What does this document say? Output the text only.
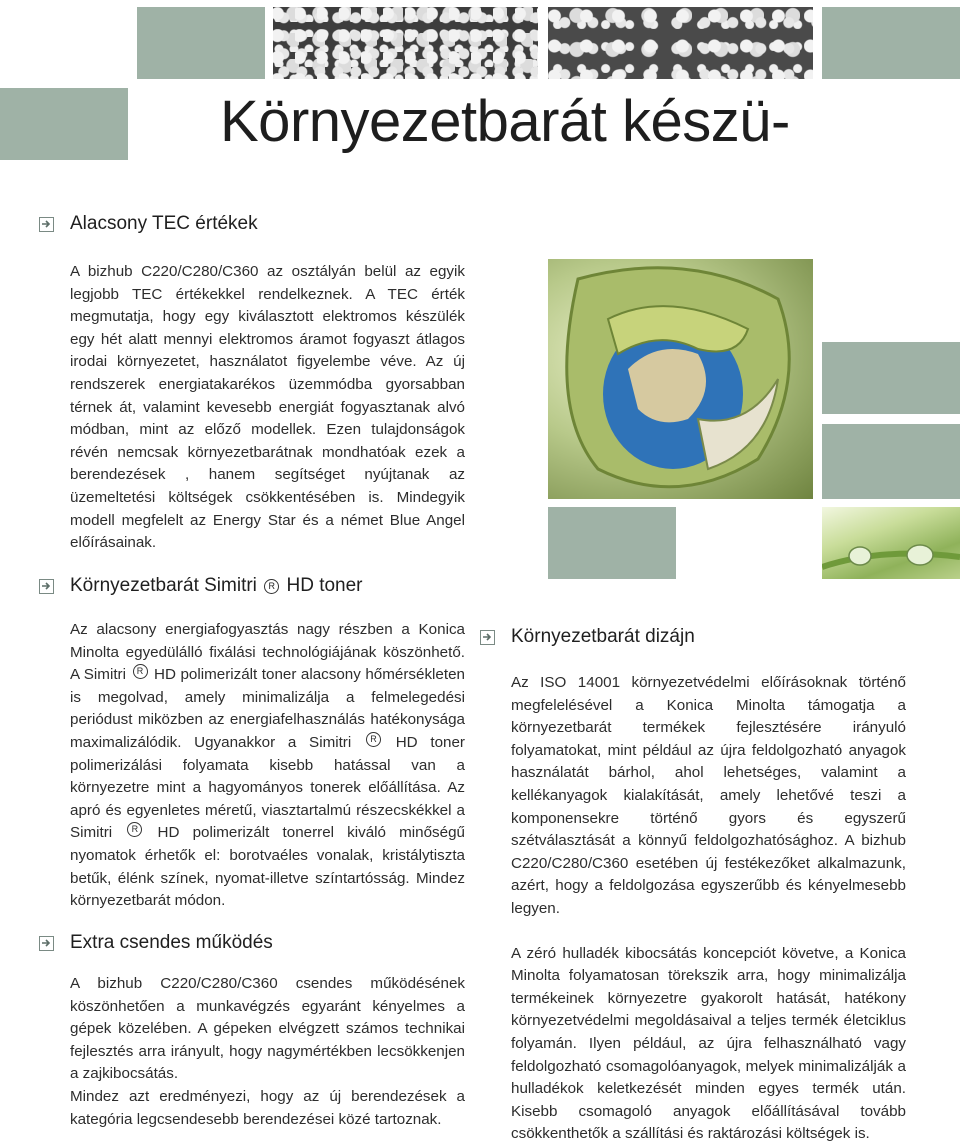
Környezetbarát készü-
Alacsony TEC értékek

A bizhub C220/C280/C360 az osztályán belül az egyik legjobb TEC értékekkel rendelkeznek. A TEC érték megmutatja, hogy egy kiválasztott elektromos készülék egy hét alatt mennyi elektromos áramot fogyaszt átlagos irodai környezetet, használatot figyelembe véve. Az új rendszerek energiatakarékos üzemmódba gyorsabban térnek át, valamint kevesebb energiát fogyasztanak alvó módban, mint az előző modellek. Ezen tulajdonságok révén nemcsak környezetbarátnak mondhatóak ezek a berendezések , hanem segítséget nyújtanak az üzemeltetési költségek csökkentésében is. Mindegyik modell megfelelt az Energy Star és a német Blue Angel előírásainak.

Környezetbarát Simitri
	R
HD toner

Az alacsony energiafogyasztás nagy részben a Konica Minolta egyedülálló fixálási technológiájának köszönhető. A Simitri R HD polimerizált toner alacsony hőmérsékleten is megolvad, amely minimalizálja a felmelegedési periódust miközben az energiafelhasználás hatékonysága maximalizálódik. Ugyanakkor a Simitri R HD toner polimerizálási folyamata kisebb hatással van a környezetre mint a hagyományos tonerek előállítása. Az apró és egyenletes méretű, viasztartalmú részecskékkel a Simitri R HD polimerizált tonerrel kiváló minőségű nyomatok érhetők el: borotvaéles vonalak, kristálytiszta betűk, élénk színek, nyomat-illetve színtartósság. Mindez környezetbarát módon.

Extra csendes működés

A bizhub C220/C280/C360 csendes működésének köszönhetően a munkavégzés egyaránt kényelmes a gépek közelében. A gépeken elvégzett számos technikai fejlesztés arra irányult, hogy nagymértékben lecsökkenjen a zajkibocsátás.

Mindez azt eredményezi, hogy az új berendezések a kategória legcsendesebb berendezései közé tartoznak.

Környezetbarát dizájn

Az ISO 14001 környezetvédelmi előírásoknak történő megfelelésével a Konica Minolta támogatja a környezetbarát termékek fejlesztésére irányuló folyamatokat, mint például az újra feldolgozható anyagok használatát bárhol, ahol lehetséges, valamint a kellékanyagok kialakítását, amely lehetővé teszi a komponensekre történő gyors és egyszerű szétválasztását a könnyű feldolgozhatósághoz. A bizhub C220/C280/C360 esetében új festékezőket alkalmazunk, azért, hogy a feldolgozása egyszerűbb és kényelmesebb legyen.

A zéró hulladék kibocsátás koncepciót követve, a Konica Minolta folyamatosan törekszik arra, hogy minimalizálja termékeinek környezetre gyakorolt hatását, hatékony környezetvédelmi megoldásaival a teljes termék életciklus folyamán. Ilyen például, az újra felhasználható vagy feldolgozható csomagolóanyagok, melyek minimalizálják a hulladékok keletkezését minden egyes termék után. Kisebb csomagoló anyagok előállításával tovább csökkenthetők a szállítási és raktározási költségek is.
